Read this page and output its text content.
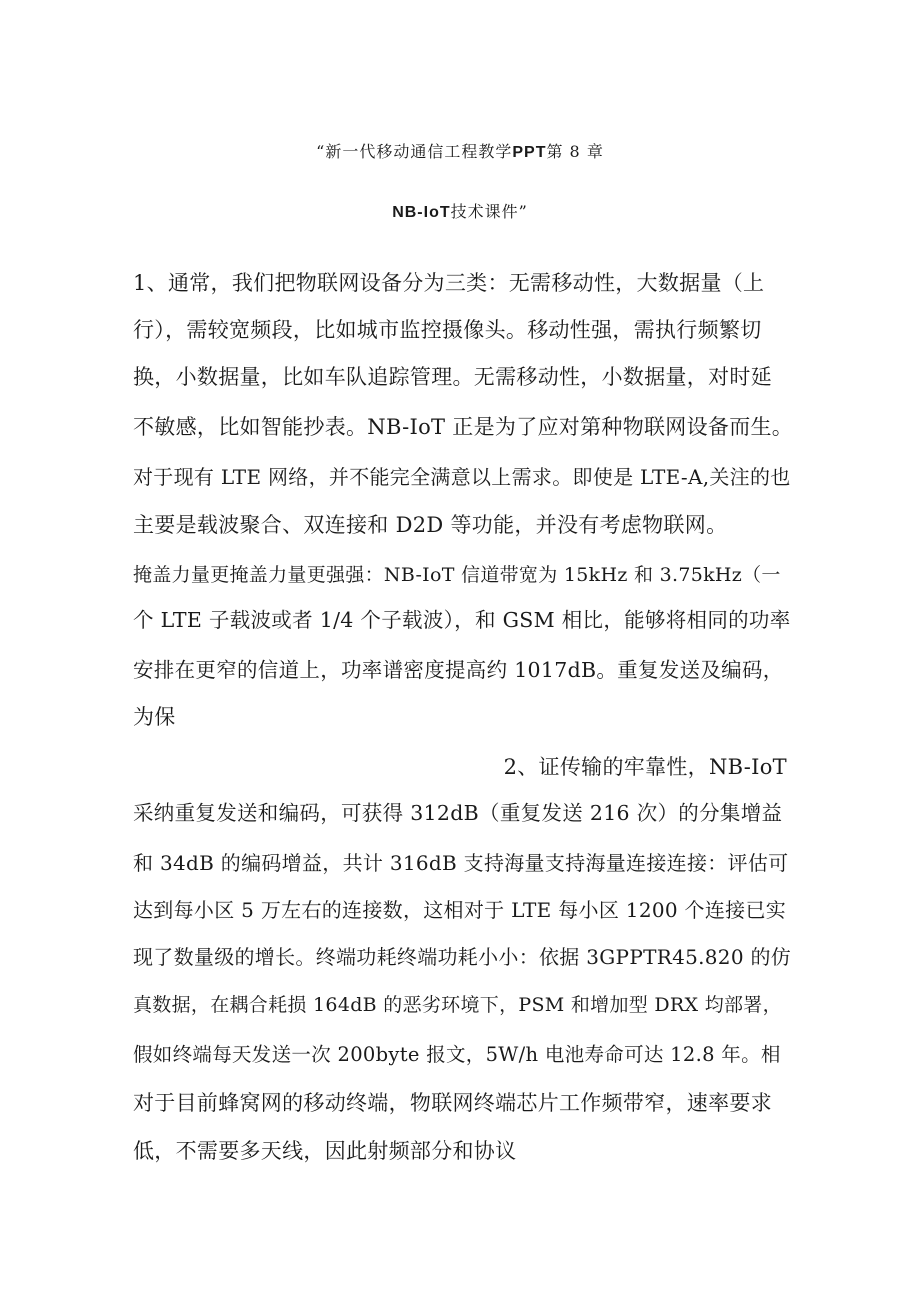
“新一代移动通信工程教学PPT第 8 章
NB-IoT技术课件”

1、通常，我们把物联网设备分为三类：无需移动性，大数据量（上

行），需较宽频段，比如城市监控摄像头。移动性强，需执行频繁切

换，小数据量，比如车队追踪管理。无需移动性，小数据量，对时延

不敏感，比如智能抄表。NB-IoT 正是为了应对第种物联网设备而生。

对于现有 LTE 网络，并不能完全满意以上需求。即使是 LTE-A,关注的也

主要是载波聚合、双连接和 D2D 等功能，并没有考虑物联网。

掩盖力量更掩盖力量更强强：NB-IoT 信道带宽为 15kHz 和 3.75kHz（一

个 LTE 子载波或者 1/4 个子载波），和 GSM 相比，能够将相同的功率

安排在更窄的信道上，功率谱密度提高约 1017dB。重复发送及编码，

为保

2、证传输的牢靠性，NB-IoT

采纳重复发送和编码，可获得 312dB（重复发送 216 次）的分集增益

和 34dB 的编码增益，共计 316dB 支持海量支持海量连接连接：评估可

达到每小区 5 万左右的连接数，这相对于 LTE 每小区 1200 个连接已实

现了数量级的增长。终端功耗终端功耗小小：依据 3GPPTR45.820 的仿

真数据，在耦合耗损 164dB 的恶劣环境下，PSM 和增加型 DRX 均部署，

假如终端每天发送一次 200byte 报文，5W/h 电池寿命可达 12.8 年。相

对于目前蜂窝网的移动终端，物联网终端芯片工作频带窄，速率要求

低，不需要多天线，因此射频部分和协议
